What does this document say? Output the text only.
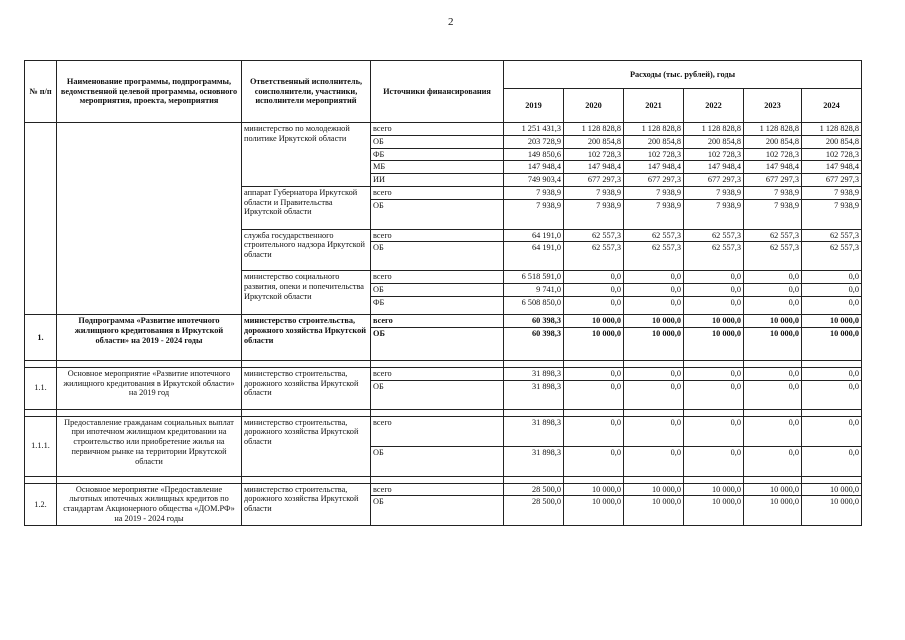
2
№ п/п	Наименование программы, подпрограммы, ведомственной целевой программы, основного мероприятия, проекта, мероприятия	Ответственный исполнитель, соисполнители, участники, исполнители мероприятий	Источники финансирования	Расходы (тыс. рублей), годы					
				2019	2020	2021	2022	2023	2024
		министерство по молодежной политике Иркутской области	всего	1 251 431,3	1 128 828,8	1 128 828,8	1 128 828,8	1 128 828,8	1 128 828,8
			ОБ	203 728,9	200 854,8	200 854,8	200 854,8	200 854,8	200 854,8
			ФБ	149 850,6	102 728,3	102 728,3	102 728,3	102 728,3	102 728,3
			МБ	147 948,4	147 948,4	147 948,4	147 948,4	147 948,4	147 948,4
			ИИ	749 903,4	677 297,3	677 297,3	677 297,3	677 297,3	677 297,3
		аппарат Губернатора Иркутской области и Правительства Иркутской области	всего	7 938,9	7 938,9	7 938,9	7 938,9	7 938,9	7 938,9
			ОБ	7 938,9	7 938,9	7 938,9	7 938,9	7 938,9	7 938,9
		служба государственного строительного надзора Иркутской области	всего	64 191,0	62 557,3	62 557,3	62 557,3	62 557,3	62 557,3
			ОБ	64 191,0	62 557,3	62 557,3	62 557,3	62 557,3	62 557,3
		министерство социального развития, опеки и попечительства Иркутской области	всего	6 518 591,0	0,0	0,0	0,0	0,0	0,0
			ОБ	9 741,0	0,0	0,0	0,0	0,0	0,0
			ФБ	6 508 850,0	0,0	0,0	0,0	0,0	0,0
1.	Подпрограмма «Развитие ипотечного жилищного кредитования в Иркутской области» на 2019 - 2024 годы	министерство строительства, дорожного хозяйства Иркутской области	всего	60 398,3	10 000,0	10 000,0	10 000,0	10 000,0	10 000,0
			ОБ	60 398,3	10 000,0	10 000,0	10 000,0	10 000,0	10 000,0

1.1.	Основное мероприятие «Развитие ипотечного жилищного кредитования в Иркутской области» на 2019 год	министерство строительства, дорожного хозяйства Иркутской области	всего	31 898,3	0,0	0,0	0,0	0,0	0,0
			ОБ	31 898,3	0,0	0,0	0,0	0,0	0,0

1.1.1.	Предоставление гражданам социальных выплат при ипотечном жилищном кредитовании на строительство или приобретение жилья на первичном рынке на территории Иркутской области	министерство строительства, дорожного хозяйства Иркутской области	всего	31 898,3	0,0	0,0	0,0	0,0	0,0
			ОБ	31 898,3	0,0	0,0	0,0	0,0	0,0

1.2.	Основное мероприятие «Предоставление льготных ипотечных жилищных кредитов по стандартам Акционерного общества «ДОМ.РФ» на 2019 - 2024 годы	министерство строительства, дорожного хозяйства Иркутской области	всего	28 500,0	10 000,0	10 000,0	10 000,0	10 000,0	10 000,0
			ОБ	28 500,0	10 000,0	10 000,0	10 000,0	10 000,0	10 000,0
